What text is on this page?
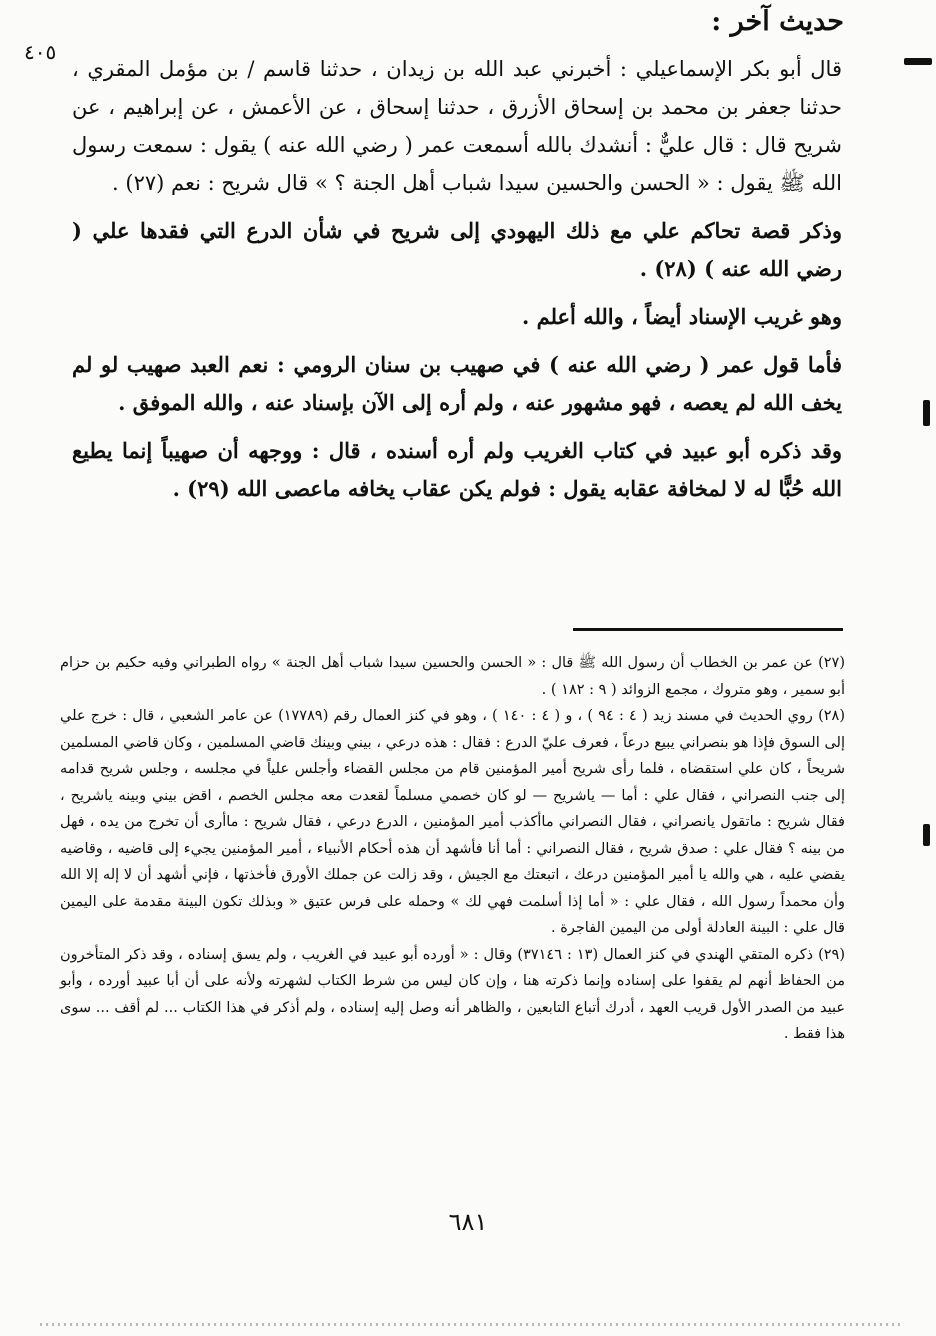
حديث آخر :
٤٠٥

قال أبو بكر الإسماعيلي : أخبرني عبد الله بن زيدان ، حدثنا قاسم / بن مؤمل المقري ، حدثنا جعفر بن محمد بن إسحاق الأزرق ، حدثنا إسحاق ، عن الأعمش ، عن إبراهيم ، عن شريح قال : قال عليٌّ : أنشدك بالله أسمعت عمر ( رضي الله عنه ) يقول : سمعت رسول الله ﷺ يقول : « الحسن والحسين سيدا شباب أهل الجنة ؟ » قال شريح : نعم (٢٧) .

وذكر قصة تحاكم علي مع ذلك اليهودي إلى شريح في شأن الدرع التي فقدها علي ( رضي الله عنه ) (٢٨) .

وهو غريب الإسناد أيضاً ، والله أعلم .

فأما قول عمر ( رضي الله عنه ) في صهيب بن سنان الرومي : نعم العبد صهيب لو لم يخف الله لم يعصه ، فهو مشهور عنه ، ولم أره إلى الآن بإسناد عنه ، والله الموفق .

وقد ذكره أبو عبيد في كتاب الغريب ولم أره أسنده ، قال : ووجهه أن صهيباً إنما يطيع الله حُبًّا له لا لمخافة عقابه يقول : فولم يكن عقاب يخافه ماعصى الله (٢٩) .

(٢٧) عن عمر بن الخطاب أن رسول الله ﷺ قال : « الحسن والحسين سيدا شباب أهل الجنة » رواه الطبراني وفيه حكيم بن حزام أبو سمير ، وهو متروك ، مجمع الزوائد ( ٩ : ١٨٢ ) .

(٢٨) روي الحديث في مسند زيد ( ٤ : ٩٤ ) ، و ( ٤ : ١٤٠ ) ، وهو في كنز العمال رقم (١٧٧٨٩) عن عامر الشعبي ، قال : خرج علي إلى السوق فإذا هو بنصراني يبيع درعاً ، فعرف عليّ الدرع : فقال : هذه درعي ، بيني وبينك قاضي المسلمين ، وكان قاضي المسلمين شريحاً ، كان علي استقضاه ، فلما رأى شريح أمير المؤمنين قام من مجلس القضاء وأجلس علياً في مجلسه ، وجلس شريح قدامه إلى جنب النصراني ، فقال علي : أما — ياشريح — لو كان خصمي مسلماً لقعدت معه مجلس الخصم ، اقض بيني وبينه ياشريح ، فقال شريح : ماتقول يانصراني ، فقال النصراني ماأكذب أمير المؤمنين ، الدرع درعي ، فقال شريح : ماأرى أن تخرج من يده ، فهل من بينه ؟ فقال علي : صدق شريح ، فقال النصراني : أما أنا فأشهد أن هذه أحكام الأنبياء ، أمير المؤمنين يجيء إلى قاضيه ، وقاضيه يقضي عليه ، هي والله يا أمير المؤمنين درعك ، اتبعتك مع الجيش ، وقد زالت عن جملك الأورق فأخذتها ، فإني أشهد أن لا إله إلا الله وأن محمداً رسول الله ، فقال علي : « أما إذا أسلمت فهي لك » وحمله على فرس عتيق « وبذلك تكون البينة مقدمة على اليمين قال علي : البينة العادلة أولى من اليمين الفاجرة .

(٢٩) ذكره المتقي الهندي في كنز العمال (١٣ : ٣٧١٤٦) وقال : « أورده أبو عبيد في الغريب ، ولم يسق إسناده ، وقد ذكر المتأخرون من الحفاظ أنهم لم يقفوا على إسناده وإنما ذكرته هنا ، وإن كان ليس من شرط الكتاب لشهرته ولأنه على أن أبا عبيد أورده ، وأبو عبيد من الصدر الأول قريب العهد ، أدرك أتباع التابعين ، والظاهر أنه وصل إليه إسناده ، ولم أذكر في هذا الكتاب ... لم أقف ... سوى هذا فقط .

٦٨١
